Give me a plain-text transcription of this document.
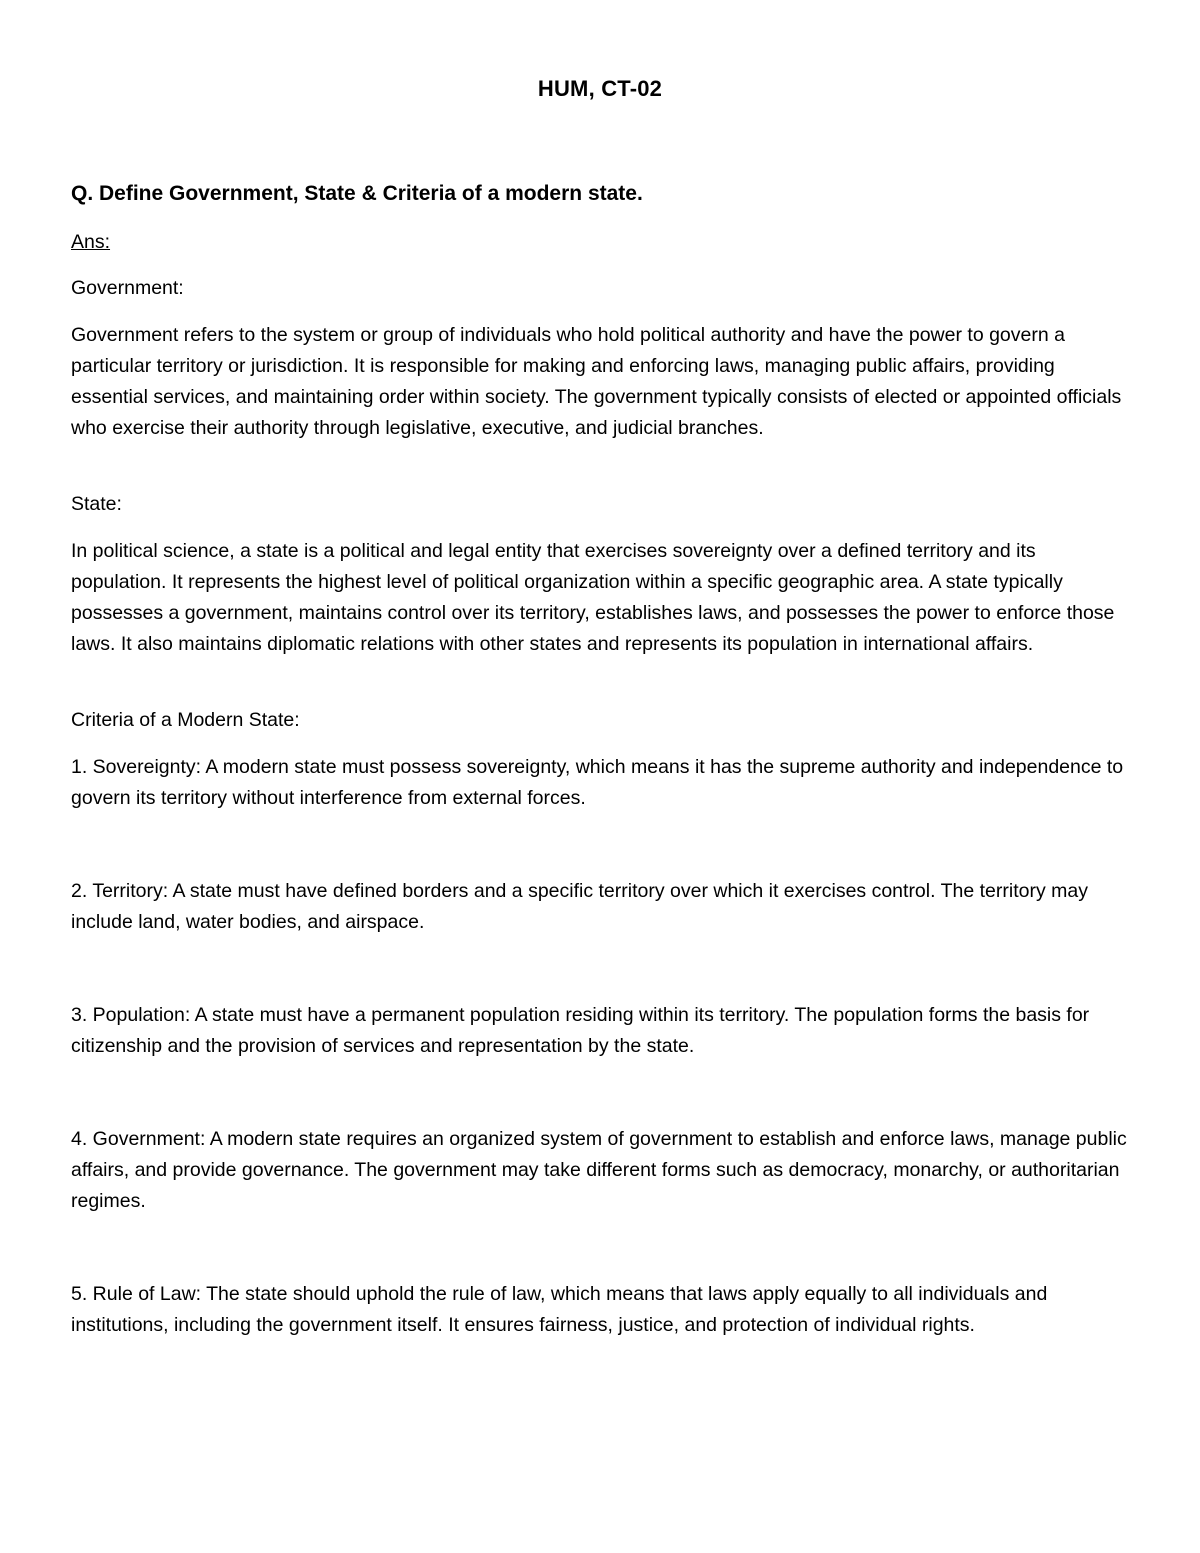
HUM, CT-02

Q. Define Government, State & Criteria of a modern state.

Ans:

Government:

Government refers to the system or group of individuals who hold political authority and have the power to govern a particular territory or jurisdiction. It is responsible for making and enforcing laws, managing public affairs, providing essential services, and maintaining order within society. The government typically consists of elected or appointed officials who exercise their authority through legislative, executive, and judicial branches.

State:

In political science, a state is a political and legal entity that exercises sovereignty over a defined territory and its population. It represents the highest level of political organization within a specific geographic area. A state typically possesses a government, maintains control over its territory, establishes laws, and possesses the power to enforce those laws. It also maintains diplomatic relations with other states and represents its population in international affairs.

Criteria of a Modern State:

1. Sovereignty: A modern state must possess sovereignty, which means it has the supreme authority and independence to govern its territory without interference from external forces.

2. Territory: A state must have defined borders and a specific territory over which it exercises control. The territory may include land, water bodies, and airspace.

3. Population: A state must have a permanent population residing within its territory. The population forms the basis for citizenship and the provision of services and representation by the state.

4. Government: A modern state requires an organized system of government to establish and enforce laws, manage public affairs, and provide governance. The government may take different forms such as democracy, monarchy, or authoritarian regimes.

5. Rule of Law: The state should uphold the rule of law, which means that laws apply equally to all individuals and institutions, including the government itself. It ensures fairness, justice, and protection of individual rights.
